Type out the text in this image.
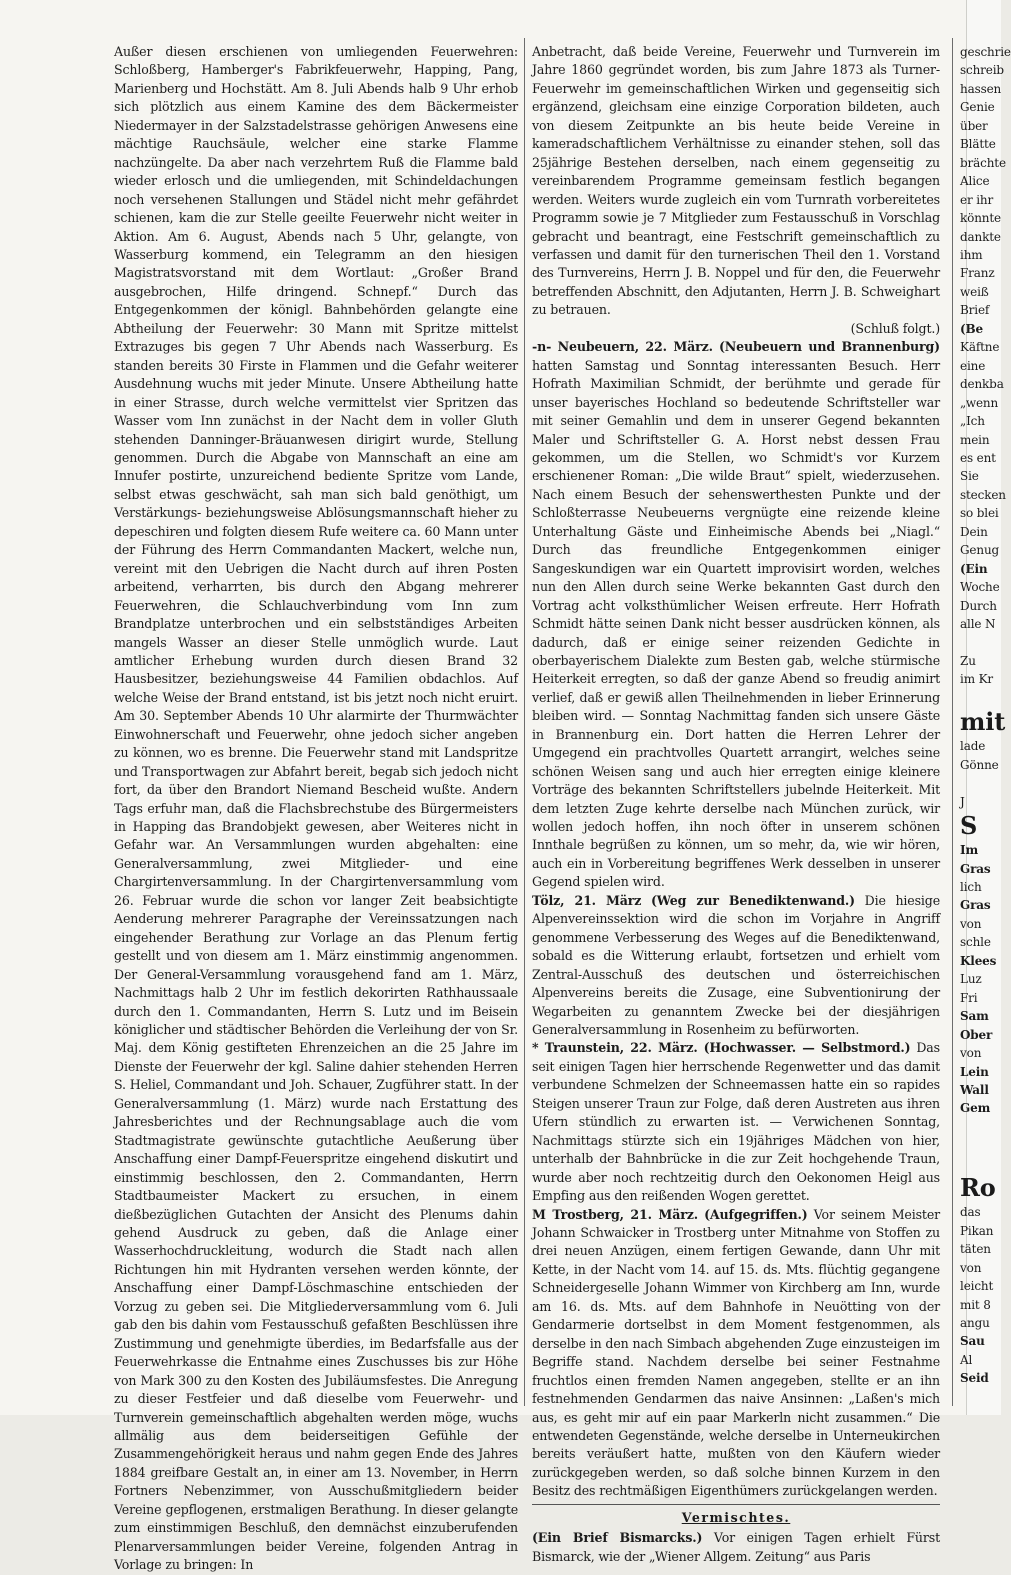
Außer diesen erschienen von umliegenden Feuerwehren: Schloßberg, Hamberger's Fabrikfeuerwehr, Happing, Pang, Marienberg und Hochstätt. Am 8. Juli Abends halb 9 Uhr erhob sich plötzlich aus einem Kamine des dem Bäckermeister Niedermayer in der Salzstadelstrasse gehörigen Anwesens eine mächtige Rauchsäule, welcher eine starke Flamme nachzüngelte. Da aber nach verzehrtem Ruß die Flamme bald wieder erlosch und die umliegenden, mit Schindeldachungen noch versehenen Stallungen und Städel nicht mehr gefährdet schienen, kam die zur Stelle geeilte Feuerwehr nicht weiter in Aktion. Am 6. August, Abends nach 5 Uhr, gelangte, von Wasserburg kommend, ein Telegramm an den hiesigen Magistratsvorstand mit dem Wortlaut: „Großer Brand ausgebrochen, Hilfe dringend. Schnepf.“ Durch das Entgegenkommen der königl. Bahnbehörden gelangte eine Abtheilung der Feuerwehr: 30 Mann mit Spritze mittelst Extrazuges bis gegen 7 Uhr Abends nach Wasserburg. Es standen bereits 30 Firste in Flammen und die Gefahr weiterer Ausdehnung wuchs mit jeder Minute. Unsere Abtheilung hatte in einer Strasse, durch welche vermittelst vier Spritzen das Wasser vom Inn zunächst in der Nacht dem in voller Gluth stehenden Danninger-Bräuanwesen dirigirt wurde, Stellung genommen. Durch die Abgabe von Mannschaft an eine am Innufer postirte, unzureichend bediente Spritze vom Lande, selbst etwas geschwächt, sah man sich bald genöthigt, um Verstärkungs- beziehungsweise Ablösungsmannschaft hieher zu depeschiren und folgten diesem Rufe weitere ca. 60 Mann unter der Führung des Herrn Commandanten Mackert, welche nun, vereint mit den Uebrigen die Nacht durch auf ihren Posten arbeitend, verharrten, bis durch den Abgang mehrerer Feuerwehren, die Schlauchverbindung vom Inn zum Brandplatze unterbrochen und ein selbstständiges Arbeiten mangels Wasser an dieser Stelle unmöglich wurde. Laut amtlicher Erhebung wurden durch diesen Brand 32 Hausbesitzer, beziehungsweise 44 Familien obdachlos. Auf welche Weise der Brand entstand, ist bis jetzt noch nicht eruirt. Am 30. September Abends 10 Uhr alarmirte der Thurmwächter Einwohnerschaft und Feuerwehr, ohne jedoch sicher angeben zu können, wo es brenne. Die Feuerwehr stand mit Landspritze und Transportwagen zur Abfahrt bereit, begab sich jedoch nicht fort, da über den Brandort Niemand Bescheid wußte. Andern Tags erfuhr man, daß die Flachsbrechstube des Bürgermeisters in Happing das Brandobjekt gewesen, aber Weiteres nicht in Gefahr war. An Versammlungen wurden abgehalten: eine Generalversammlung, zwei Mitglieder- und eine Chargirtenversammlung. In der Chargirtenversammlung vom 26. Februar wurde die schon vor langer Zeit beabsichtigte Aenderung mehrerer Paragraphe der Vereinssatzungen nach eingehender Berathung zur Vorlage an das Plenum fertig gestellt und von diesem am 1. März einstimmig angenommen. Der General-Versammlung vorausgehend fand am 1. März, Nachmittags halb 2 Uhr im festlich dekorirten Rathhaussaale durch den 1. Commandanten, Herrn S. Lutz und im Beisein königlicher und städtischer Behörden die Verleihung der von Sr. Maj. dem König gestifteten Ehrenzeichen an die 25 Jahre im Dienste der Feuerwehr der kgl. Saline dahier stehenden Herren S. Heliel, Commandant und Joh. Schauer, Zugführer statt. In der Generalversammlung (1. März) wurde nach Erstattung des Jahresberichtes und der Rechnungsablage auch die vom Stadtmagistrate gewünschte gutachtliche Aeußerung über Anschaffung einer Dampf-Feuerspritze eingehend diskutirt und einstimmig beschlossen, den 2. Commandanten, Herrn Stadtbaumeister Mackert zu ersuchen, in einem dießbezüglichen Gutachten der Ansicht des Plenums dahin gehend Ausdruck zu geben, daß die Anlage einer Wasserhochdruckleitung, wodurch die Stadt nach allen Richtungen hin mit Hydranten versehen werden könnte, der Anschaffung einer Dampf-Löschmaschine entschieden der Vorzug zu geben sei. Die Mitgliederversammlung vom 6. Juli gab den bis dahin vom Festausschuß gefaßten Beschlüssen ihre Zustimmung und genehmigte überdies, im Bedarfsfalle aus der Feuerwehrkasse die Entnahme eines Zuschusses bis zur Höhe von Mark 300 zu den Kosten des Jubiläumsfestes. Die Anregung zu dieser Festfeier und daß dieselbe vom Feuerwehr- und Turnverein gemeinschaftlich abgehalten werden möge, wuchs allmälig aus dem beiderseitigen Gefühle der Zusammengehörigkeit heraus und nahm gegen Ende des Jahres 1884 greifbare Gestalt an, in einer am 13. November, in Herrn Fortners Nebenzimmer, von Ausschußmitgliedern beider Vereine gepflogenen, erstmaligen Berathung. In dieser gelangte zum einstimmigen Beschluß, den demnächst einzuberufenden Plenarversammlungen beider Vereine, folgenden Antrag in Vorlage zu bringen: In

Anbetracht, daß beide Vereine, Feuerwehr und Turnverein im Jahre 1860 gegründet worden, bis zum Jahre 1873 als Turner-Feuerwehr im gemeinschaftlichen Wirken und gegenseitig sich ergänzend, gleichsam eine einzige Corporation bildeten, auch von diesem Zeitpunkte an bis heute beide Vereine in kameradschaftlichem Verhältnisse zu einander stehen, soll das 25jährige Bestehen derselben, nach einem gegenseitig zu vereinbarendem Programme gemeinsam festlich begangen werden. Weiters wurde zugleich ein vom Turnrath vorbereitetes Programm sowie je 7 Mitglieder zum Festausschuß in Vorschlag gebracht und beantragt, eine Festschrift gemeinschaftlich zu verfassen und damit für den turnerischen Theil den 1. Vorstand des Turnvereins, Herrn J. B. Noppel und für den, die Feuerwehr betreffenden Abschnitt, den Adjutanten, Herrn J. B. Schweighart zu betrauen.

(Schluß folgt.)

-n- Neubeuern, 22. März. (Neubeuern und Brannenburg) hatten Samstag und Sonntag interessanten Besuch. Herr Hofrath Maximilian Schmidt, der berühmte und gerade für unser bayerisches Hochland so bedeutende Schriftsteller war mit seiner Gemahlin und dem in unserer Gegend bekannten Maler und Schriftsteller G. A. Horst nebst dessen Frau gekommen, um die Stellen, wo Schmidt's vor Kurzem erschienener Roman: „Die wilde Braut“ spielt, wiederzusehen. Nach einem Besuch der sehenswerthesten Punkte und der Schloßterrasse Neubeuerns vergnügte eine reizende kleine Unterhaltung Gäste und Einheimische Abends bei „Niagl.“ Durch das freundliche Entgegenkommen einiger Sangeskundigen war ein Quartett improvisirt worden, welches nun den Allen durch seine Werke bekannten Gast durch den Vortrag acht volksthümlicher Weisen erfreute. Herr Hofrath Schmidt hätte seinen Dank nicht besser ausdrücken können, als dadurch, daß er einige seiner reizenden Gedichte in oberbayerischem Dialekte zum Besten gab, welche stürmische Heiterkeit erregten, so daß der ganze Abend so freudig animirt verlief, daß er gewiß allen Theilnehmenden in lieber Erinnerung bleiben wird. — Sonntag Nachmittag fanden sich unsere Gäste in Brannenburg ein. Dort hatten die Herren Lehrer der Umgegend ein prachtvolles Quartett arrangirt, welches seine schönen Weisen sang und auch hier erregten einige kleinere Vorträge des bekannten Schriftstellers jubelnde Heiterkeit. Mit dem letzten Zuge kehrte derselbe nach München zurück, wir wollen jedoch hoffen, ihn noch öfter in unserem schönen Innthale begrüßen zu können, um so mehr, da, wie wir hören, auch ein in Vorbereitung begriffenes Werk desselben in unserer Gegend spielen wird.

Tölz, 21. März (Weg zur Benediktenwand.) Die hiesige Alpenvereinssektion wird die schon im Vorjahre in Angriff genommene Verbesserung des Weges auf die Benediktenwand, sobald es die Witterung erlaubt, fortsetzen und erhielt vom Zentral-Ausschuß des deutschen und österreichischen Alpenvereins bereits die Zusage, eine Subventionirung der Wegarbeiten zu genanntem Zwecke bei der diesjährigen Generalversammlung in Rosenheim zu befürworten.

* Traunstein, 22. März. (Hochwasser. — Selbstmord.) Das seit einigen Tagen hier herrschende Regenwetter und das damit verbundene Schmelzen der Schneemassen hatte ein so rapides Steigen unserer Traun zur Folge, daß deren Austreten aus ihren Ufern stündlich zu erwarten ist. — Verwichenen Sonntag, Nachmittags stürzte sich ein 19jähriges Mädchen von hier, unterhalb der Bahnbrücke in die zur Zeit hochgehende Traun, wurde aber noch rechtzeitig durch den Oekonomen Heigl aus Empfing aus den reißenden Wogen gerettet.

M Trostberg, 21. März. (Aufgegriffen.) Vor seinem Meister Johann Schwaicker in Trostberg unter Mitnahme von Stoffen zu drei neuen Anzügen, einem fertigen Gewande, dann Uhr mit Kette, in der Nacht vom 14. auf 15. ds. Mts. flüchtig gegangene Schneidergeselle Johann Wimmer von Kirchberg am Inn, wurde am 16. ds. Mts. auf dem Bahnhofe in Neuötting von der Gendarmerie dortselbst in dem Moment festgenommen, als derselbe in den nach Simbach abgehenden Zuge einzusteigen im Begriffe stand. Nachdem derselbe bei seiner Festnahme fruchtlos einen fremden Namen angegeben, stellte er an ihn festnehmenden Gendarmen das naive Ansinnen: „Laßen's mich aus, es geht mir auf ein paar Markerln nicht zusammen.“ Die entwendeten Gegenstände, welche derselbe in Unterneukirchen bereits veräußert hatte, mußten von den Käufern wieder zurückgegeben werden, so daß solche binnen Kurzem in den Besitz des rechtmäßigen Eigenthümers zurückgelangen werden.

Vermischtes.

(Ein Brief Bismarcks.) Vor einigen Tagen erhielt Fürst Bismarck, wie der „Wiener Allgem. Zeitung“ aus Paris

geschrie
schreib
hassen
Genie
über
Blätte
brächte
Alice
er ihr
könnte
dankte
ihm
Franz
weiß
Brief
(Be
Käftne
eine
denkba
„wenn
„Ich
mein
es ent
Sie
stecken
so blei
Dein
Genug
(Ein
Woche
Durch
alle N

Zu
im Kr

mit
lade
Gönne

J
S
Im
Gras
lich
Gras
von
schle
Klees
Luz
Fri
Sam
Ober
von
Lein
Wall
Gem

Ro
das
Pikan
täten
von
leicht
mit 8
angu
Sau
Al
Seid
